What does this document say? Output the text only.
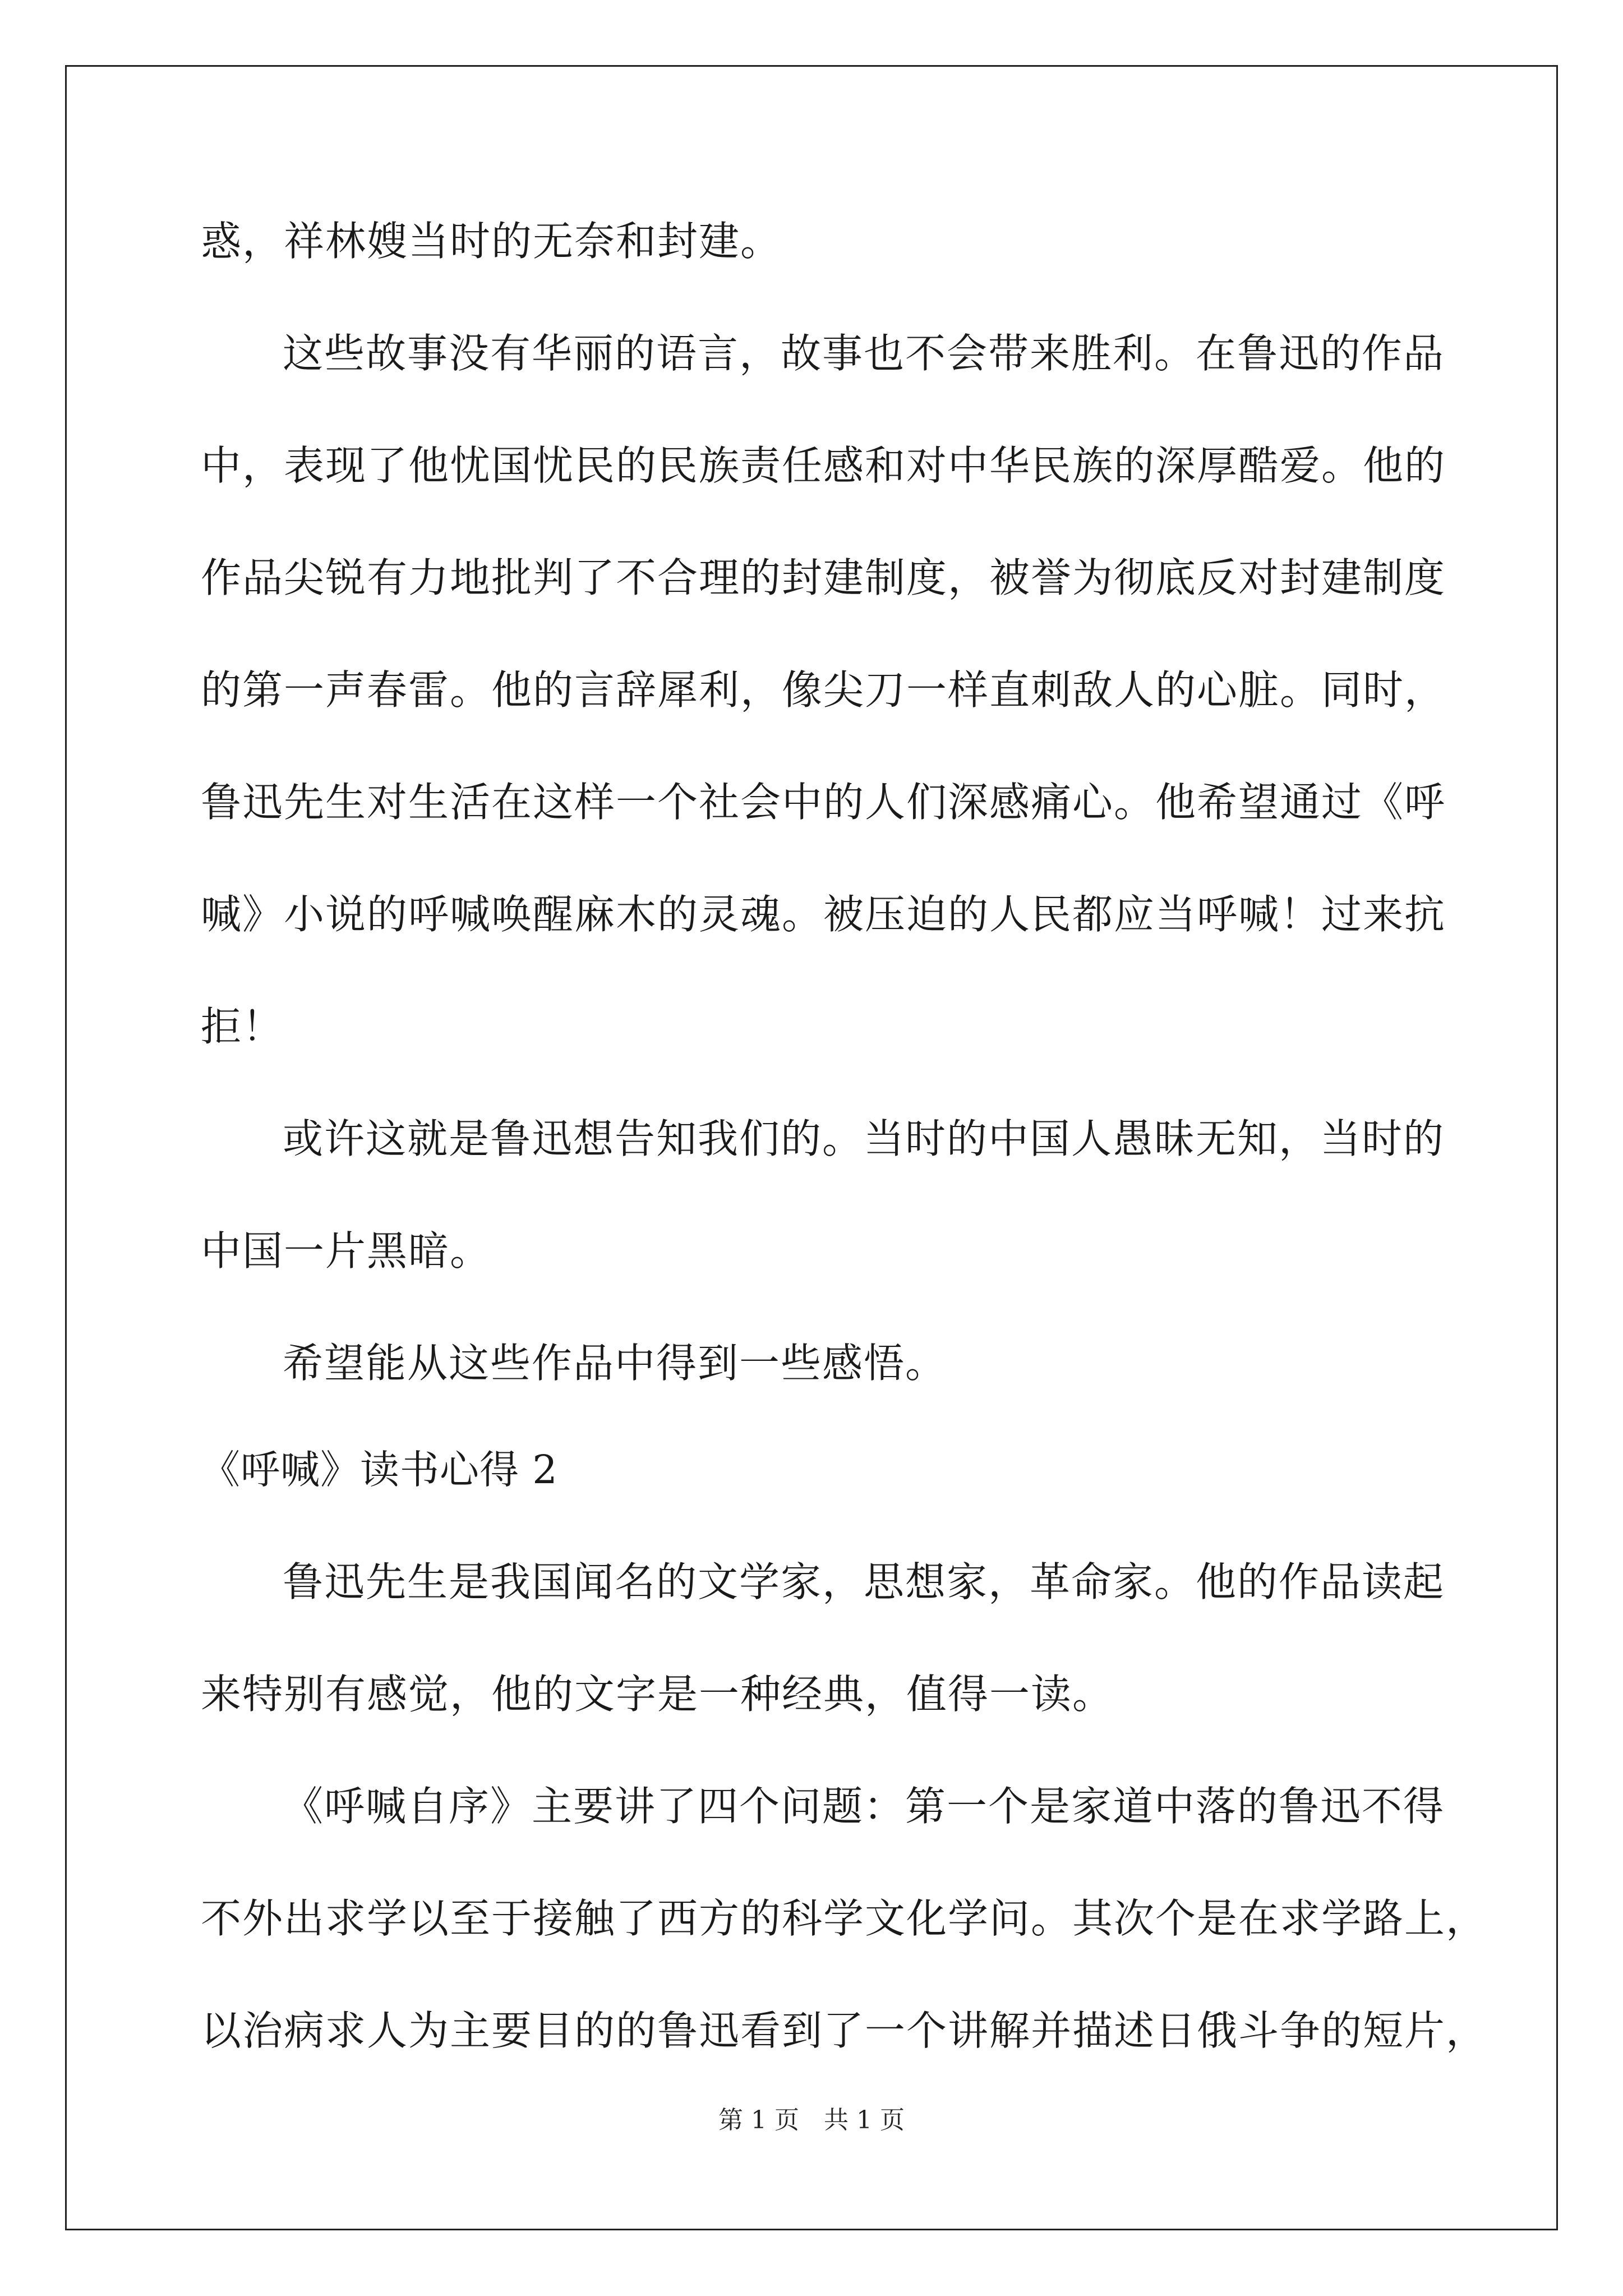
惑，祥林嫂当时的无奈和封建。
这些故事没有华丽的语言，故事也不会带来胜利。在鲁迅的作品
中，表现了他忧国忧民的民族责任感和对中华民族的深厚酷爱。他的
作品尖锐有力地批判了不合理的封建制度，被誉为彻底反对封建制度
的第一声春雷。他的言辞犀利，像尖刀一样直刺敌人的心脏。同时，
鲁迅先生对生活在这样一个社会中的人们深感痛心。他希望通过《呼
喊》小说的呼喊唤醒麻木的灵魂。被压迫的人民都应当呼喊！过来抗
拒！
或许这就是鲁迅想告知我们的。当时的中国人愚昧无知，当时的
中国一片黑暗。
希望能从这些作品中得到一些感悟。
《呼喊》读书心得 2
鲁迅先生是我国闻名的文学家，思想家，革命家。他的作品读起
来特别有感觉，他的文字是一种经典，值得一读。
《呼喊自序》主要讲了四个问题：第一个是家道中落的鲁迅不得
不外出求学以至于接触了西方的科学文化学问。其次个是在求学路上，
以治病求人为主要目的的鲁迅看到了一个讲解并描述日俄斗争的短片，
第 1 页　共 1 页
